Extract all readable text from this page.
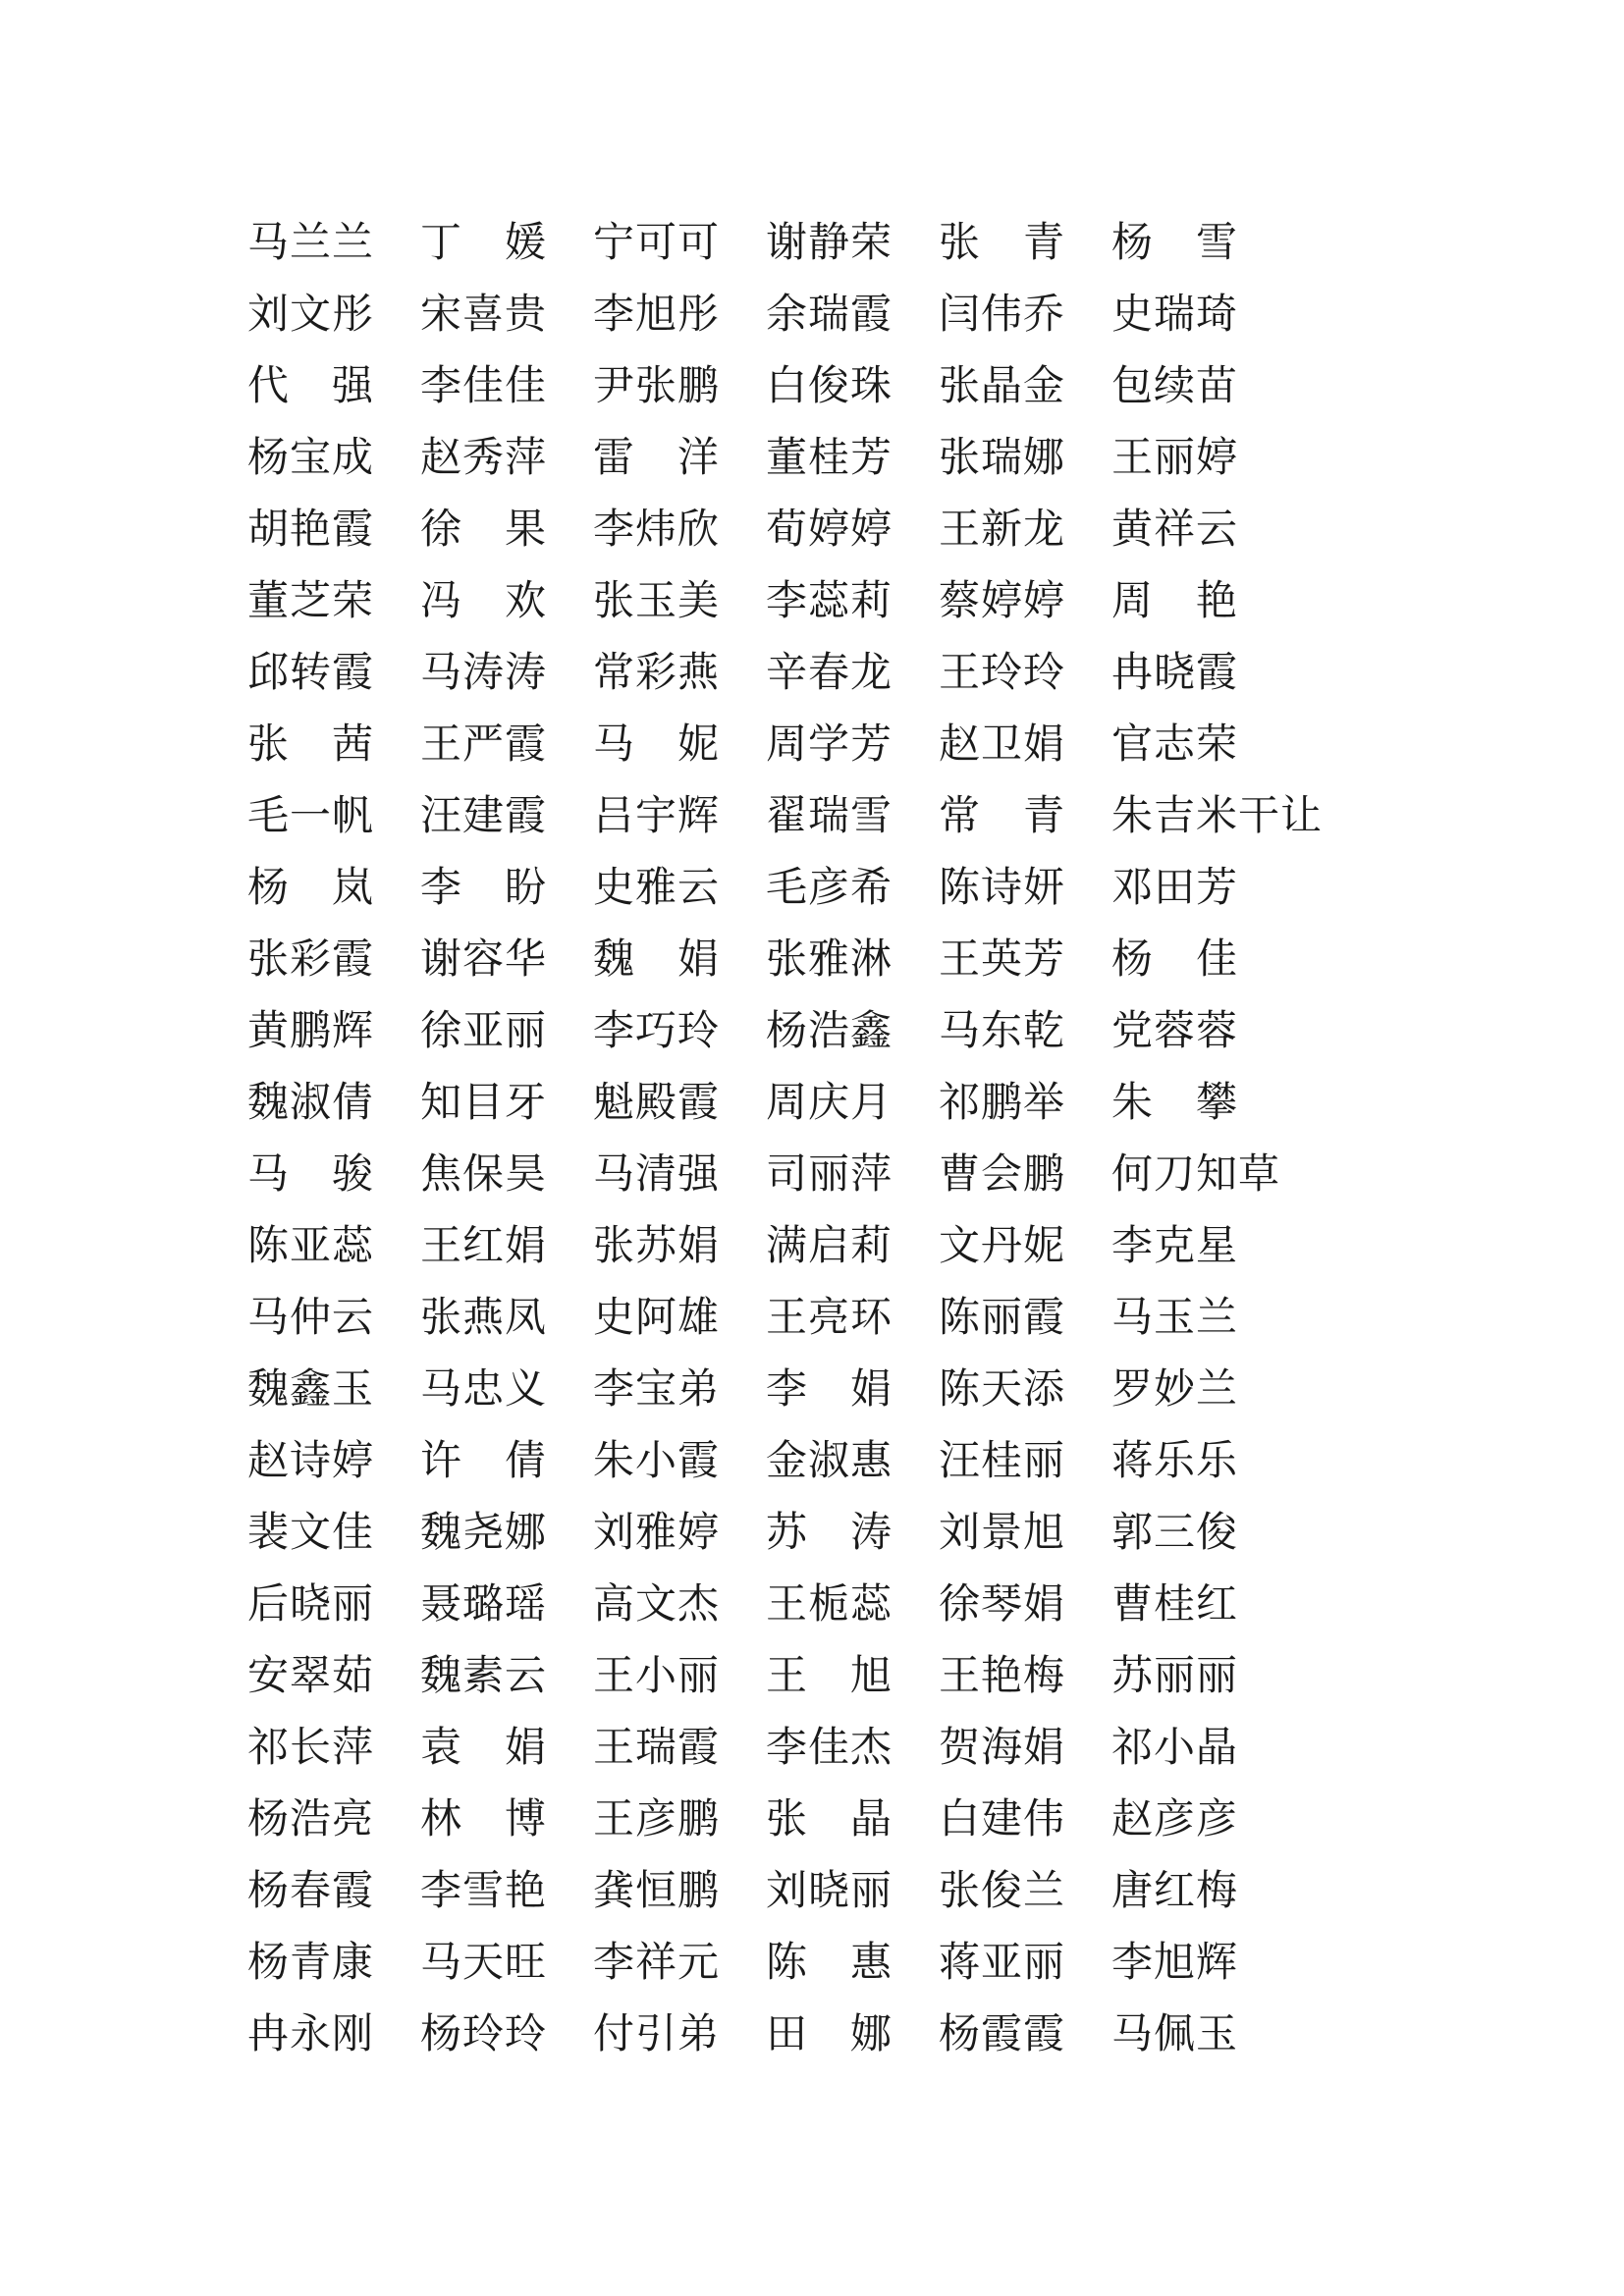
马兰兰	丁　媛	宁可可	谢静荣	张　青	杨　雪
刘文彤	宋喜贵	李旭彤	余瑞霞	闫伟乔	史瑞琦
代　强	李佳佳	尹张鹏	白俊珠	张晶金	包续苗
杨宝成	赵秀萍	雷　洋	董桂芳	张瑞娜	王丽婷
胡艳霞	徐　果	李炜欣	荀婷婷	王新龙	黄祥云
董芝荣	冯　欢	张玉美	李蕊莉	蔡婷婷	周　艳
邱转霞	马涛涛	常彩燕	辛春龙	王玲玲	冉晓霞
张　茜	王严霞	马　妮	周学芳	赵卫娟	官志荣
毛一帆	汪建霞	吕宇辉	翟瑞雪	常　青	朱吉米干让
杨　岚	李　盼	史雅云	毛彦希	陈诗妍	邓田芳
张彩霞	谢容华	魏　娟	张雅淋	王英芳	杨　佳
黄鹏辉	徐亚丽	李巧玲	杨浩鑫	马东乾	党蓉蓉
魏淑倩	知目牙	魁殿霞	周庆月	祁鹏举	朱　攀
马　骏	焦保昊	马清强	司丽萍	曹会鹏	何刀知草
陈亚蕊	王红娟	张苏娟	满启莉	文丹妮	李克星
马仲云	张燕凤	史阿雄	王亮环	陈丽霞	马玉兰
魏鑫玉	马忠义	李宝弟	李　娟	陈天添	罗妙兰
赵诗婷	许　倩	朱小霞	金淑惠	汪桂丽	蒋乐乐
裴文佳	魏尧娜	刘雅婷	苏　涛	刘景旭	郭三俊
后晓丽	聂璐瑶	高文杰	王栀蕊	徐琴娟	曹桂红
安翠茹	魏素云	王小丽	王　旭	王艳梅	苏丽丽
祁长萍	袁　娟	王瑞霞	李佳杰	贺海娟	祁小晶
杨浩亮	林　博	王彦鹏	张　晶	白建伟	赵彦彦
杨春霞	李雪艳	龚恒鹏	刘晓丽	张俊兰	唐红梅
杨青康	马天旺	李祥元	陈　惠	蒋亚丽	李旭辉
冉永刚	杨玲玲	付引弟	田　娜	杨霞霞	马佩玉
